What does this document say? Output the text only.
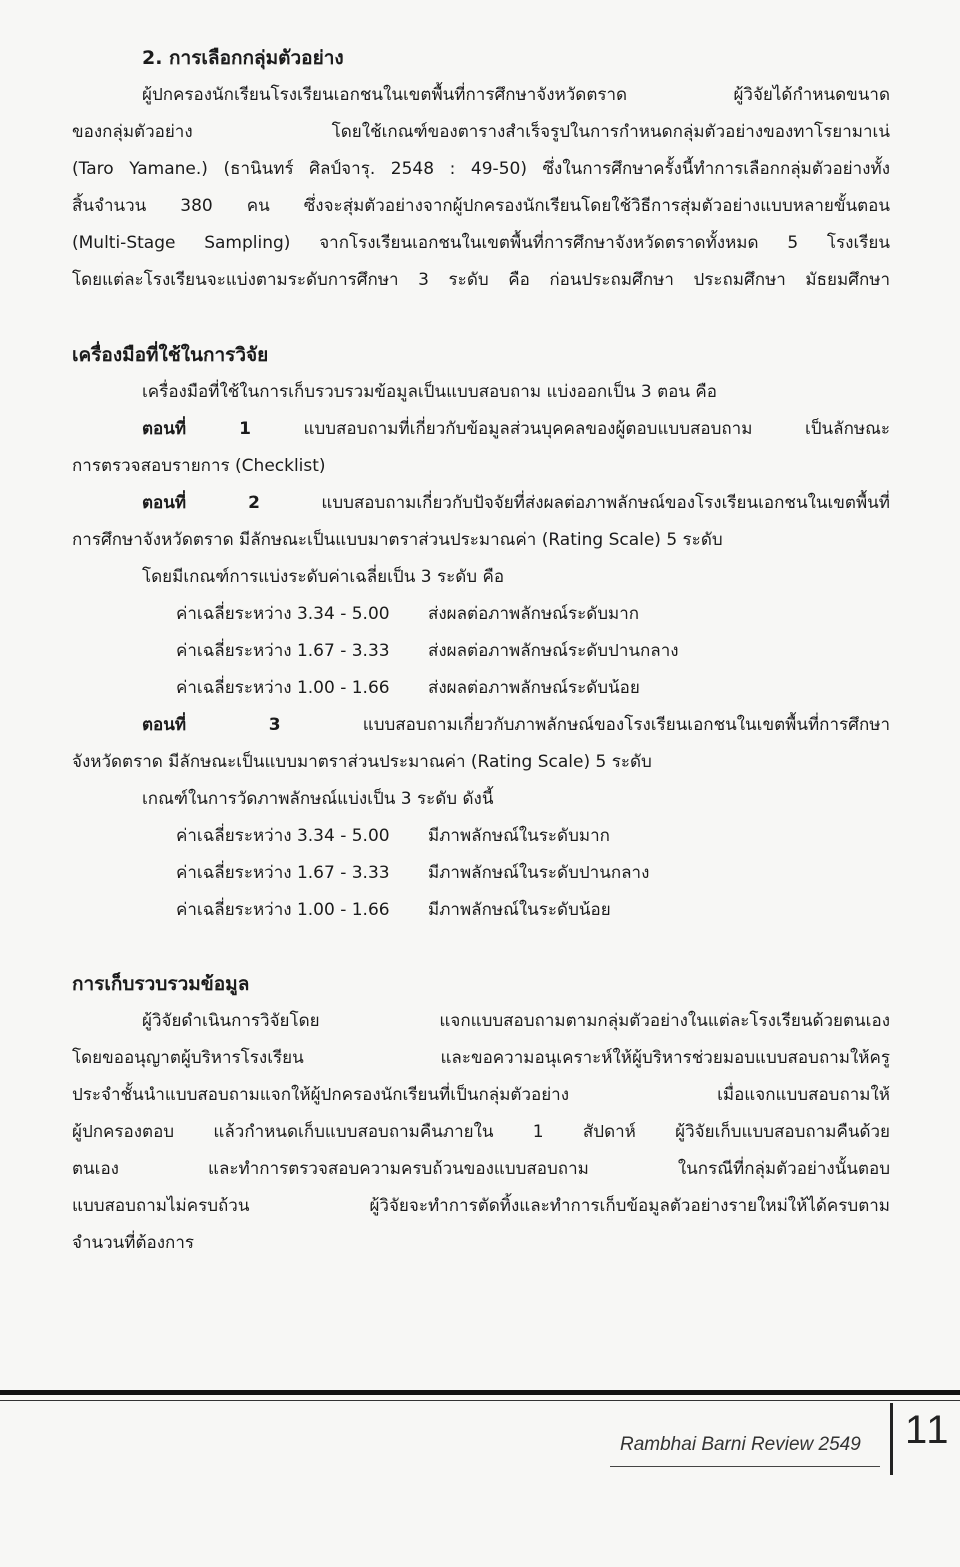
2. การเลือกกลุ่มตัวอย่าง
ผู้ปกครองนักเรียนโรงเรียนเอกชนในเขตพื้นที่การศึกษาจังหวัดตราด ผู้วิจัยได้กำหนดขนาด
ของกลุ่มตัวอย่าง โดยใช้เกณฑ์ของตารางสำเร็จรูปในการกำหนดกลุ่มตัวอย่างของทาโรยามาเน่
(Taro Yamane.) (ธานินทร์ ศิลป์จารุ. 2548 : 49-50) ซึ่งในการศึกษาครั้งนี้ทำการเลือกกลุ่มตัวอย่างทั้ง
สิ้นจำนวน 380 คน ซึ่งจะสุ่มตัวอย่างจากผู้ปกครองนักเรียนโดยใช้วิธีการสุ่มตัวอย่างแบบหลายขั้นตอน
(Multi-Stage Sampling) จากโรงเรียนเอกชนในเขตพื้นที่การศึกษาจังหวัดตราดทั้งหมด 5 โรงเรียน
โดยแต่ละโรงเรียนจะแบ่งตามระดับการศึกษา 3 ระดับ คือ ก่อนประถมศึกษา ประถมศึกษา มัธยมศึกษา
เครื่องมือที่ใช้ในการวิจัย
เครื่องมือที่ใช้ในการเก็บรวบรวมข้อมูลเป็นแบบสอบถาม แบ่งออกเป็น 3 ตอน คือ
ตอนที่ 1 แบบสอบถามที่เกี่ยวกับข้อมูลส่วนบุคคลของผู้ตอบแบบสอบถาม เป็นลักษณะ
การตรวจสอบรายการ (Checklist)
ตอนที่ 2 แบบสอบถามเกี่ยวกับปัจจัยที่ส่งผลต่อภาพลักษณ์ของโรงเรียนเอกชนในเขตพื้นที่
การศึกษาจังหวัดตราด มีลักษณะเป็นแบบมาตราส่วนประมาณค่า (Rating Scale) 5 ระดับ
โดยมีเกณฑ์การแบ่งระดับค่าเฉลี่ยเป็น 3 ระดับ คือ
ค่าเฉลี่ยระหว่าง 3.34 - 5.00 ส่งผลต่อภาพลักษณ์ระดับมาก
ค่าเฉลี่ยระหว่าง 1.67 - 3.33 ส่งผลต่อภาพลักษณ์ระดับปานกลาง
ค่าเฉลี่ยระหว่าง 1.00 - 1.66 ส่งผลต่อภาพลักษณ์ระดับน้อย
ตอนที่ 3 แบบสอบถามเกี่ยวกับภาพลักษณ์ของโรงเรียนเอกชนในเขตพื้นที่การศึกษา
จังหวัดตราด มีลักษณะเป็นแบบมาตราส่วนประมาณค่า (Rating Scale) 5 ระดับ
เกณฑ์ในการวัดภาพลักษณ์แบ่งเป็น 3 ระดับ ดังนี้
ค่าเฉลี่ยระหว่าง 3.34 - 5.00 มีภาพลักษณ์ในระดับมาก
ค่าเฉลี่ยระหว่าง 1.67 - 3.33 มีภาพลักษณ์ในระดับปานกลาง
ค่าเฉลี่ยระหว่าง 1.00 - 1.66 มีภาพลักษณ์ในระดับน้อย
การเก็บรวบรวมข้อมูล
ผู้วิจัยดำเนินการวิจัยโดย แจกแบบสอบถามตามกลุ่มตัวอย่างในแต่ละโรงเรียนด้วยตนเอง
โดยขออนุญาตผู้บริหารโรงเรียน และขอความอนุเคราะห์ให้ผู้บริหารช่วยมอบแบบสอบถามให้ครู
ประจำชั้นนำแบบสอบถามแจกให้ผู้ปกครองนักเรียนที่เป็นกลุ่มตัวอย่าง เมื่อแจกแบบสอบถามให้
ผู้ปกครองตอบ แล้วกำหนดเก็บแบบสอบถามคืนภายใน 1 สัปดาห์ ผู้วิจัยเก็บแบบสอบถามคืนด้วย
ตนเอง และทำการตรวจสอบความครบถ้วนของแบบสอบถาม ในกรณีที่กลุ่มตัวอย่างนั้นตอบ
แบบสอบถามไม่ครบถ้วน ผู้วิจัยจะทำการตัดทิ้งและทำการเก็บข้อมูลตัวอย่างรายใหม่ให้ได้ครบตาม
จำนวนที่ต้องการ
Rambhai Barni Review 2549 11
